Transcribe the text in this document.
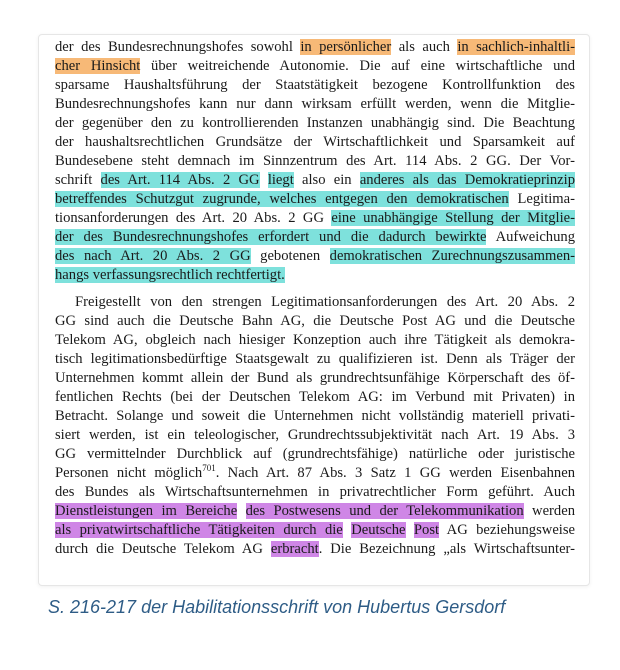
der des Bundesrechnungshofes sowohl in persönlicher als auch in sachlich-inhaltli-
cher Hinsicht über weitreichende Autonomie. Die auf eine wirtschaftliche und
sparsame Haushaltsführung der Staatstätigkeit bezogene Kontrollfunktion des
Bundesrechnungshofes kann nur dann wirksam erfüllt werden, wenn die Mitglie-
der gegenüber den zu kontrollierenden Instanzen unabhängig sind. Die Beachtung
der haushaltsrechtlichen Grundsätze der Wirtschaftlichkeit und Sparsamkeit auf
Bundesebene steht demnach im Sinnzentrum des Art. 114 Abs. 2 GG. Der Vor-
schrift des Art. 114 Abs. 2 GG liegt also ein anderes als das Demokratieprinzip
betreffendes Schutzgut zugrunde, welches entgegen den demokratischen Legitima-
tionsanforderungen des Art. 20 Abs. 2 GG eine unabhängige Stellung der Mitglie-
der des Bundesrechnungshofes erfordert und die dadurch bewirkte Aufweichung
des nach Art. 20 Abs. 2 GG gebotenen demokratischen Zurechnungszusammen-
hangs verfassungsrechtlich rechtfertigt.
Freigestellt von den strengen Legitimationsanforderungen des Art. 20 Abs. 2
GG sind auch die Deutsche Bahn AG, die Deutsche Post AG und die Deutsche
Telekom AG, obgleich nach hiesiger Konzeption auch ihre Tätigkeit als demokra-
tisch legitimationsbedürftige Staatsgewalt zu qualifizieren ist. Denn als Träger der
Unternehmen kommt allein der Bund als grundrechtsunfähige Körperschaft des öf-
fentlichen Rechts (bei der Deutschen Telekom AG: im Verbund mit Privaten) in
Betracht. Solange und soweit die Unternehmen nicht vollständig materiell privati-
siert werden, ist ein teleologischer, Grundrechtssubjektivität nach Art. 19 Abs. 3
GG vermittelnder Durchblick auf (grundrechtsfähige) natürliche oder juristische
Personen nicht möglich$^{701}$. Nach Art. 87 Abs. 3 Satz 1 GG werden Eisenbahnen
des Bundes als Wirtschaftsunternehmen in privatrechtlicher Form geführt. Auch
Dienstleistungen im Bereiche des Postwesens und der Telekommunikation werden
als privatwirtschaftliche Tätigkeiten durch die Deutsche Post AG beziehungsweise
durch die Deutsche Telekom AG erbracht. Die Bezeichnung „als Wirtschaftsunter-
S. 216-217 der Habilitationsschrift von Hubertus Gersdorf
